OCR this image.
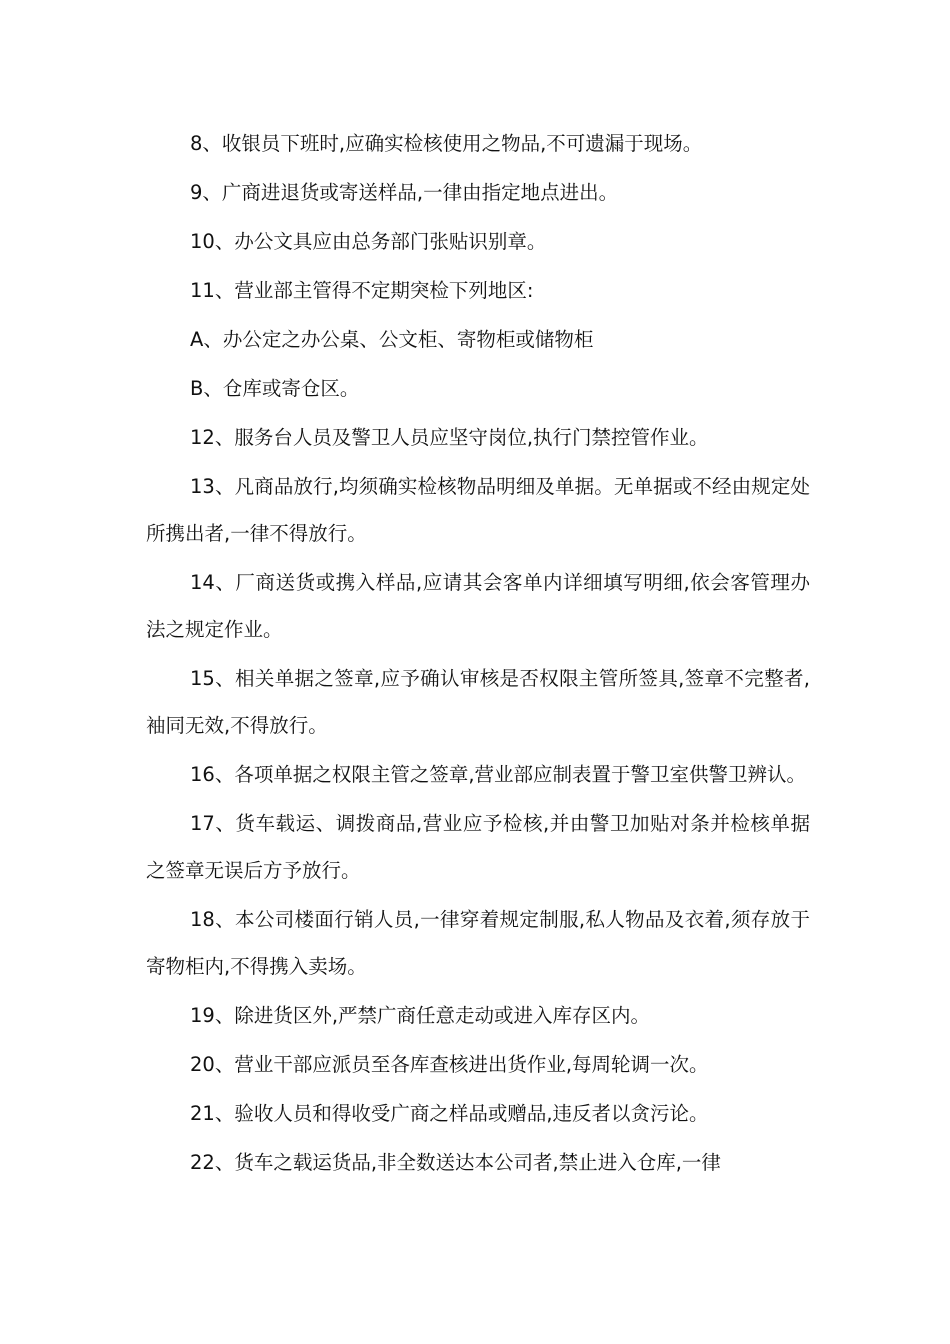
8、收银员下班时,应确实检核使用之物品,不可遗漏于现场。

9、广商进退货或寄送样品,一律由指定地点进出。

10、办公文具应由总务部门张贴识别章。

11、营业部主管得不定期突检下列地区:

A、办公定之办公桌、公文柜、寄物柜或储物柜

B、仓库或寄仓区。

12、服务台人员及警卫人员应坚守岗位,执行门禁控管作业。

13、凡商品放行,均须确实检核物品明细及单据。无单据或不经由规定处所携出者,一律不得放行。

14、厂商送货或携入样品,应请其会客单内详细填写明细,依会客管理办法之规定作业。

15、相关单据之签章,应予确认审核是否权限主管所签具,签章不完整者,袖同无效,不得放行。

16、各项单据之权限主管之签章,营业部应制表置于警卫室供警卫辨认。

17、货车载运、调拨商品,营业应予检核,并由警卫加贴对条并检核单据之签章无误后方予放行。

18、本公司楼面行销人员,一律穿着规定制服,私人物品及衣着,须存放于寄物柜内,不得携入卖场。

19、除进货区外,严禁广商任意走动或进入库存区内。

20、营业干部应派员至各库查核进出货作业,每周轮调一次。

21、验收人员和得收受广商之样品或赠品,违反者以贪污论。

22、货车之载运货品,非全数送达本公司者,禁止进入仓库,一律
